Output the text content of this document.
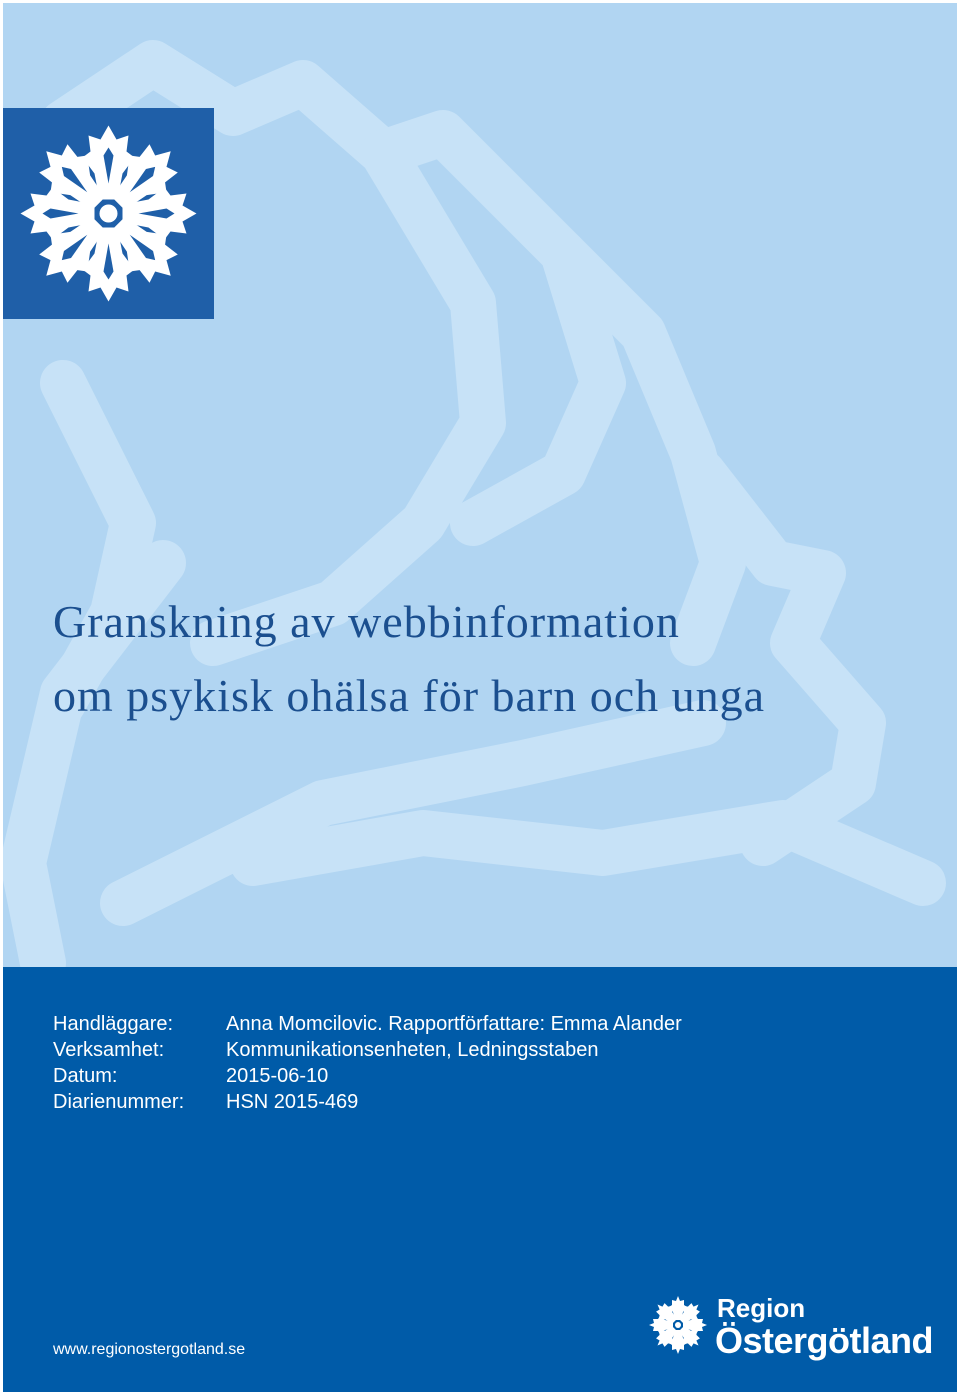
Granskning av webbinformation
om psykisk ohälsa för barn och unga
Handläggare:	Anna Momcilovic. Rapportförfattare: Emma Alander
Verksamhet:	Kommunikationsenheten, Ledningsstaben
Datum:	2015-06-10
Diarienummer:	HSN 2015-469
www.regionostergotland.se
Region
Östergötland
